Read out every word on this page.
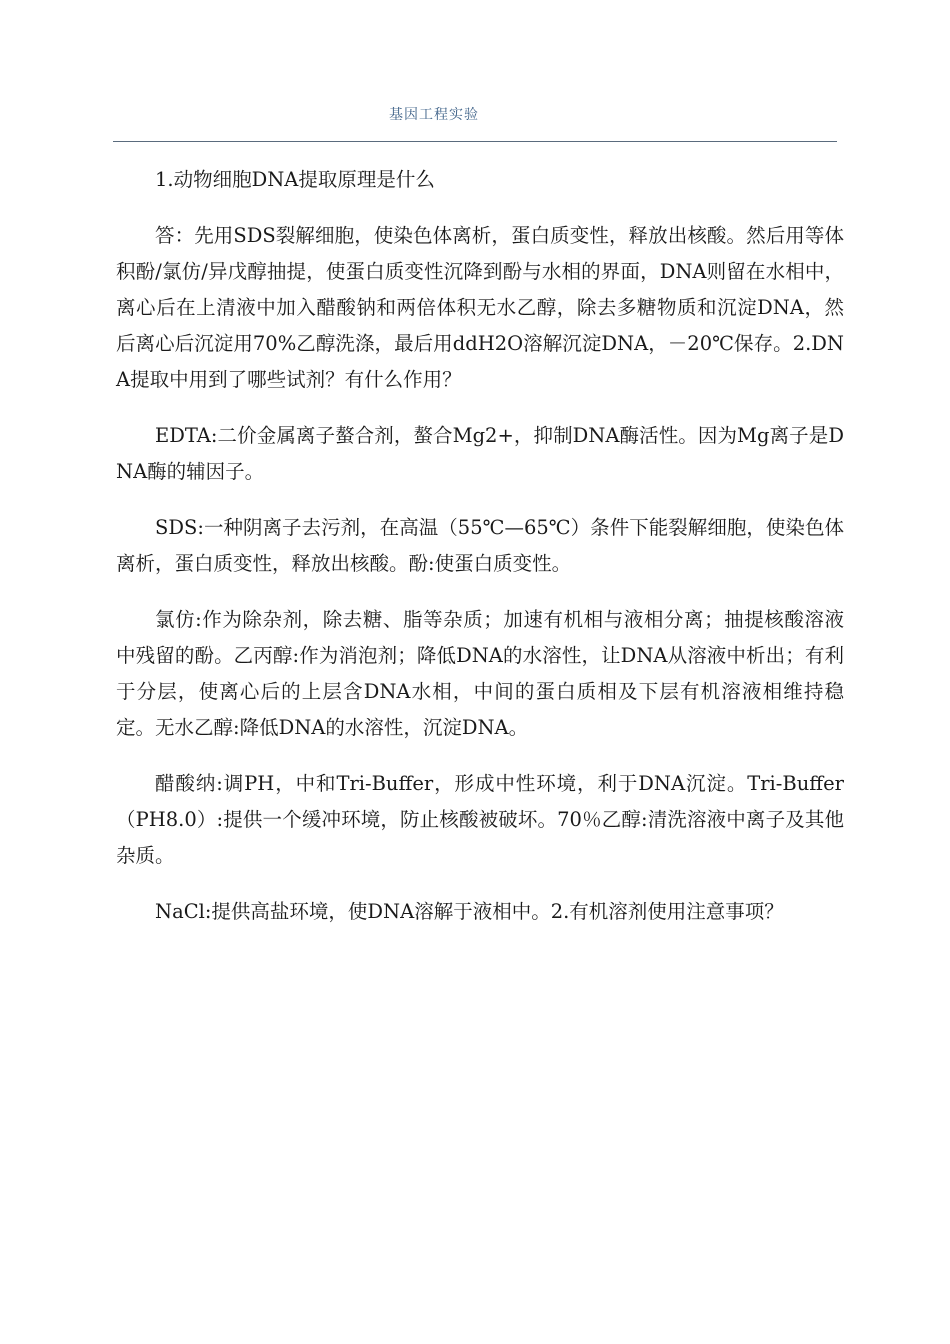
基因工程实验

1.动物细胞DNA提取原理是什么

答：先用SDS裂解细胞，使染色体离析，蛋白质变性，释放出核酸。然后用等体积酚/氯仿/异戊醇抽提，使蛋白质变性沉降到酚与水相的界面，DNA则留在水相中，离心后在上清液中加入醋酸钠和两倍体积无水乙醇，除去多糖物质和沉淀DNA，然后离心后沉淀用70%乙醇洗涤，最后用ddH2O溶解沉淀DNA，－20℃保存。2.DNA提取中用到了哪些试剂？有什么作用？

EDTA:二价金属离子螯合剂，螯合Mg2+，抑制DNA酶活性。因为Mg离子是DNA酶的辅因子。

SDS:一种阴离子去污剂，在高温（55℃—65℃）条件下能裂解细胞，使染色体离析，蛋白质变性，释放出核酸。酚:使蛋白质变性。

氯仿:作为除杂剂，除去糖、脂等杂质；加速有机相与液相分离；抽提核酸溶液中残留的酚。乙丙醇:作为消泡剂；降低DNA的水溶性，让DNA从溶液中析出；有利于分层，使离心后的上层含DNA水相，中间的蛋白质相及下层有机溶液相维持稳定。无水乙醇:降低DNA的水溶性，沉淀DNA。

醋酸纳:调PH，中和Tri-Buffer，形成中性环境，利于DNA沉淀。Tri-Buffer（PH8.0）:提供一个缓冲环境，防止核酸被破坏。70％乙醇:清洗溶液中离子及其他杂质。

NaCl:提供高盐环境，使DNA溶解于液相中。2.有机溶剂使用注意事项？
